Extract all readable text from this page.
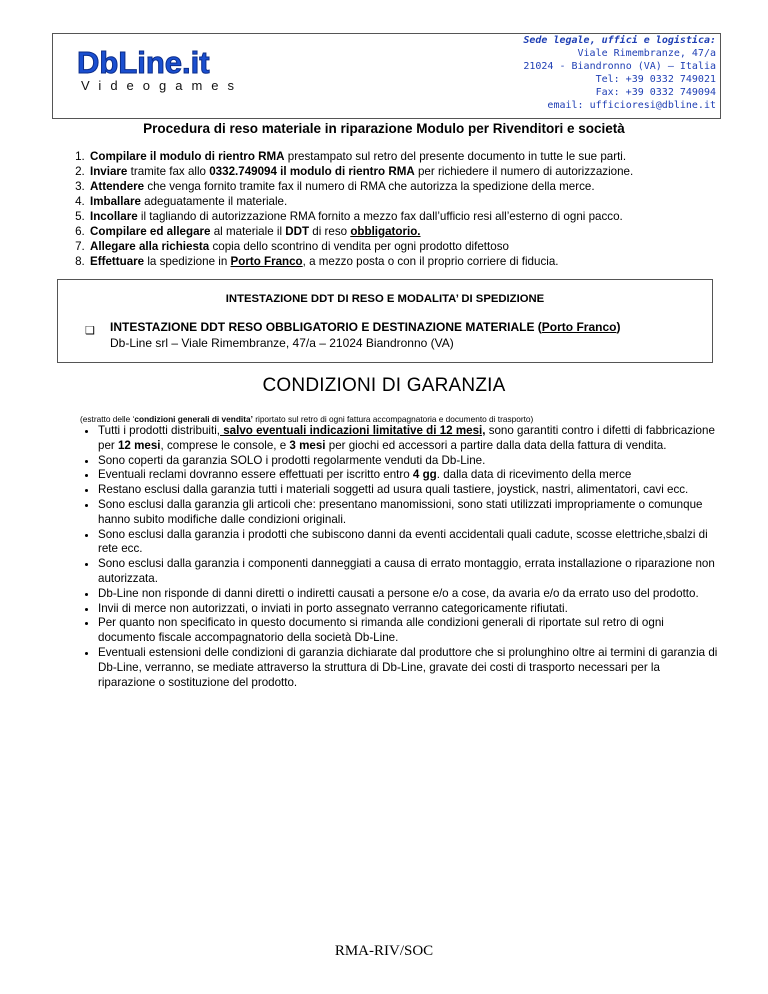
DbLine.it
Videogames
Sede legale, uffici e logistica:
Viale Rimembranze, 47/a
21024 - Biandronno (VA) – Italia
Tel: +39 0332 749021
Fax: +39 0332 749094
email: ufficioresi@dbline.it
Procedura di reso materiale in riparazione Modulo per Rivenditori e società
1. Compilare il modulo di rientro RMA prestampato sul retro del presente documento in tutte le sue parti.
2. Inviare tramite fax allo 0332.749094 il modulo di rientro RMA per richiedere il numero di autorizzazione.
3. Attendere che venga fornito tramite fax il numero di RMA che autorizza la spedizione della merce.
4. Imballare adeguatamente il materiale.
5. Incollare il tagliando di autorizzazione RMA fornito a mezzo fax dall’ufficio resi all’esterno di ogni pacco.
6. Compilare ed allegare al materiale il DDT di reso obbligatorio.
7. Allegare alla richiesta copia dello scontrino di vendita per ogni prodotto difettoso
8. Effettuare la spedizione in Porto Franco, a mezzo posta o con il proprio corriere di fiducia.
INTESTAZIONE DDT DI RESO E MODALITA’ DI SPEDIZIONE
❑ INTESTAZIONE DDT RESO OBBLIGATORIO E DESTINAZIONE MATERIALE (Porto Franco)
Db-Line srl – Viale Rimembranze, 47/a – 21024 Biandronno (VA)
CONDIZIONI DI GARANZIA
(estratto delle ‘condizioni generali di vendita’ riportato sul retro di ogni fattura accompagnatoria e documento di trasporto)
• Tutti i prodotti distribuiti, salvo eventuali indicazioni limitative di 12 mesi, sono garantiti contro i difetti di fabbricazione per 12 mesi, comprese le console, e 3 mesi per giochi ed accessori a partire dalla data della fattura di vendita.
• Sono coperti da garanzia SOLO i prodotti regolarmente venduti da Db-Line.
• Eventuali reclami dovranno essere effettuati per iscritto entro 4 gg. dalla data di ricevimento della merce
• Restano esclusi dalla garanzia tutti i materiali soggetti ad usura quali tastiere, joystick, nastri, alimentatori, cavi ecc.
• Sono esclusi dalla garanzia gli articoli che: presentano manomissioni, sono stati utilizzati impropriamente o comunque hanno subito modifiche dalle condizioni originali.
• Sono esclusi dalla garanzia i prodotti che subiscono danni da eventi accidentali quali cadute, scosse elettriche,sbalzi di rete ecc.
• Sono esclusi dalla garanzia i componenti danneggiati a causa di errato montaggio, errata installazione o riparazione non autorizzata.
• Db-Line non risponde di danni diretti o indiretti causati a persone e/o a cose, da avaria e/o da errato uso del prodotto.
• Invii di merce non autorizzati, o inviati in porto assegnato verranno categoricamente rifiutati.
• Per quanto non specificato in questo documento si rimanda alle condizioni generali di riportate sul retro di ogni documento fiscale accompagnatorio della società Db-Line.
• Eventuali estensioni delle condizioni di garanzia dichiarate dal produttore che si prolunghino oltre ai termini di garanzia di Db-Line, verranno, se mediate attraverso la struttura di Db-Line, gravate dei costi di trasporto necessari per la riparazione o sostituzione del prodotto.
RMA-RIV/SOC
